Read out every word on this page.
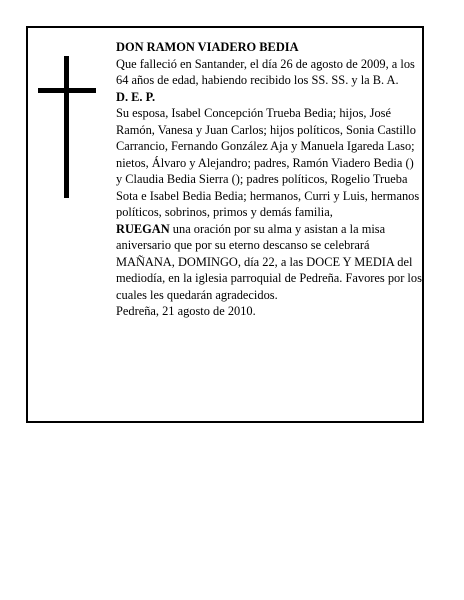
DON RAMON VIADERO BEDIA

Que falleció en Santander, el día 26 de agosto de 2009, a los 64 años de edad, habiendo recibido los SS. SS. y la B. A.

D. E. P.

Su esposa, Isabel Concepción Trueba Bedia; hijos, José Ramón, Vanesa y Juan Carlos; hijos políticos, Sonia Castillo Carrancio, Fernando González Aja y Manuela Igareda Laso; nietos, Álvaro y Alejandro; padres, Ramón Viadero Bedia () y Claudia Bedia Sierra (); padres políticos, Rogelio Trueba Sota e Isabel Bedia Bedia; hermanos, Curri y Luis, hermanos políticos, sobrinos, primos y demás familia,

RUEGAN una oración por su alma y asistan a la misa aniversario que por su eterno descanso se celebrará MAÑANA, DOMINGO, día 22, a las DOCE Y MEDIA del mediodía, en la iglesia parroquial de Pedreña. Favores por los cuales les quedarán agradecidos.

Pedreña, 21 agosto de 2010.
